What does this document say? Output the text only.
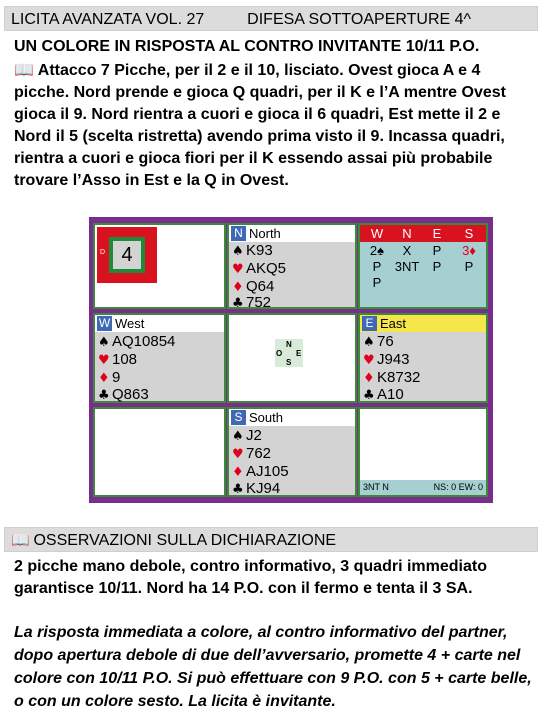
LICITA AVANZATA VOL. 27	DIFESA SOTTOAPERTURE 4^
UN COLORE IN RISPOSTA AL CONTRO INVITANTE 10/11 P.O.
📖 Attacco 7 Picche, per il 2 e il 10, lisciato. Ovest gioca A e 4 picche. Nord prende e gioca Q quadri, per il K e l’A mentre Ovest gioca il 9. Nord rientra a cuori e gioca il 6 quadri, Est mette il 2 e Nord il 5 (scelta ristretta) avendo prima visto il 9. Incassa quadri, rientra a cuori e gioca fiori per il K essendo assai più probabile trovare l’Asso in Est e la Q in Ovest.
D 4
N North
♠ K93
♥ AKQ5
♦ Q64
♣ 752
W	N	E	S
2♠	X	P	3♦
P	3NT	P	P
P
W West
♠ AQ10854
♥ 108
♦ 9
♣ Q863
N
O E
S
E East
♠ 76
♥ J943
♦ K8732
♣ A10
S South
♠ J2
♥ 762
♦ AJ105
♣ KJ94	3NT N	NS: 0 EW: 0
📖 OSSERVAZIONI SULLA DICHIARAZIONE
2 picche mano debole, contro informativo, 3 quadri immediato garantisce 10/11. Nord ha 14 P.O. con il fermo e tenta il 3 SA.
La risposta immediata a colore, al contro informativo del partner, dopo apertura debole di due dell’avversario, promette 4 + carte nel colore con 10/11 P.O. Si può effettuare con 9 P.O. con 5 + carte belle, o con un colore sesto. La licita è invitante.
